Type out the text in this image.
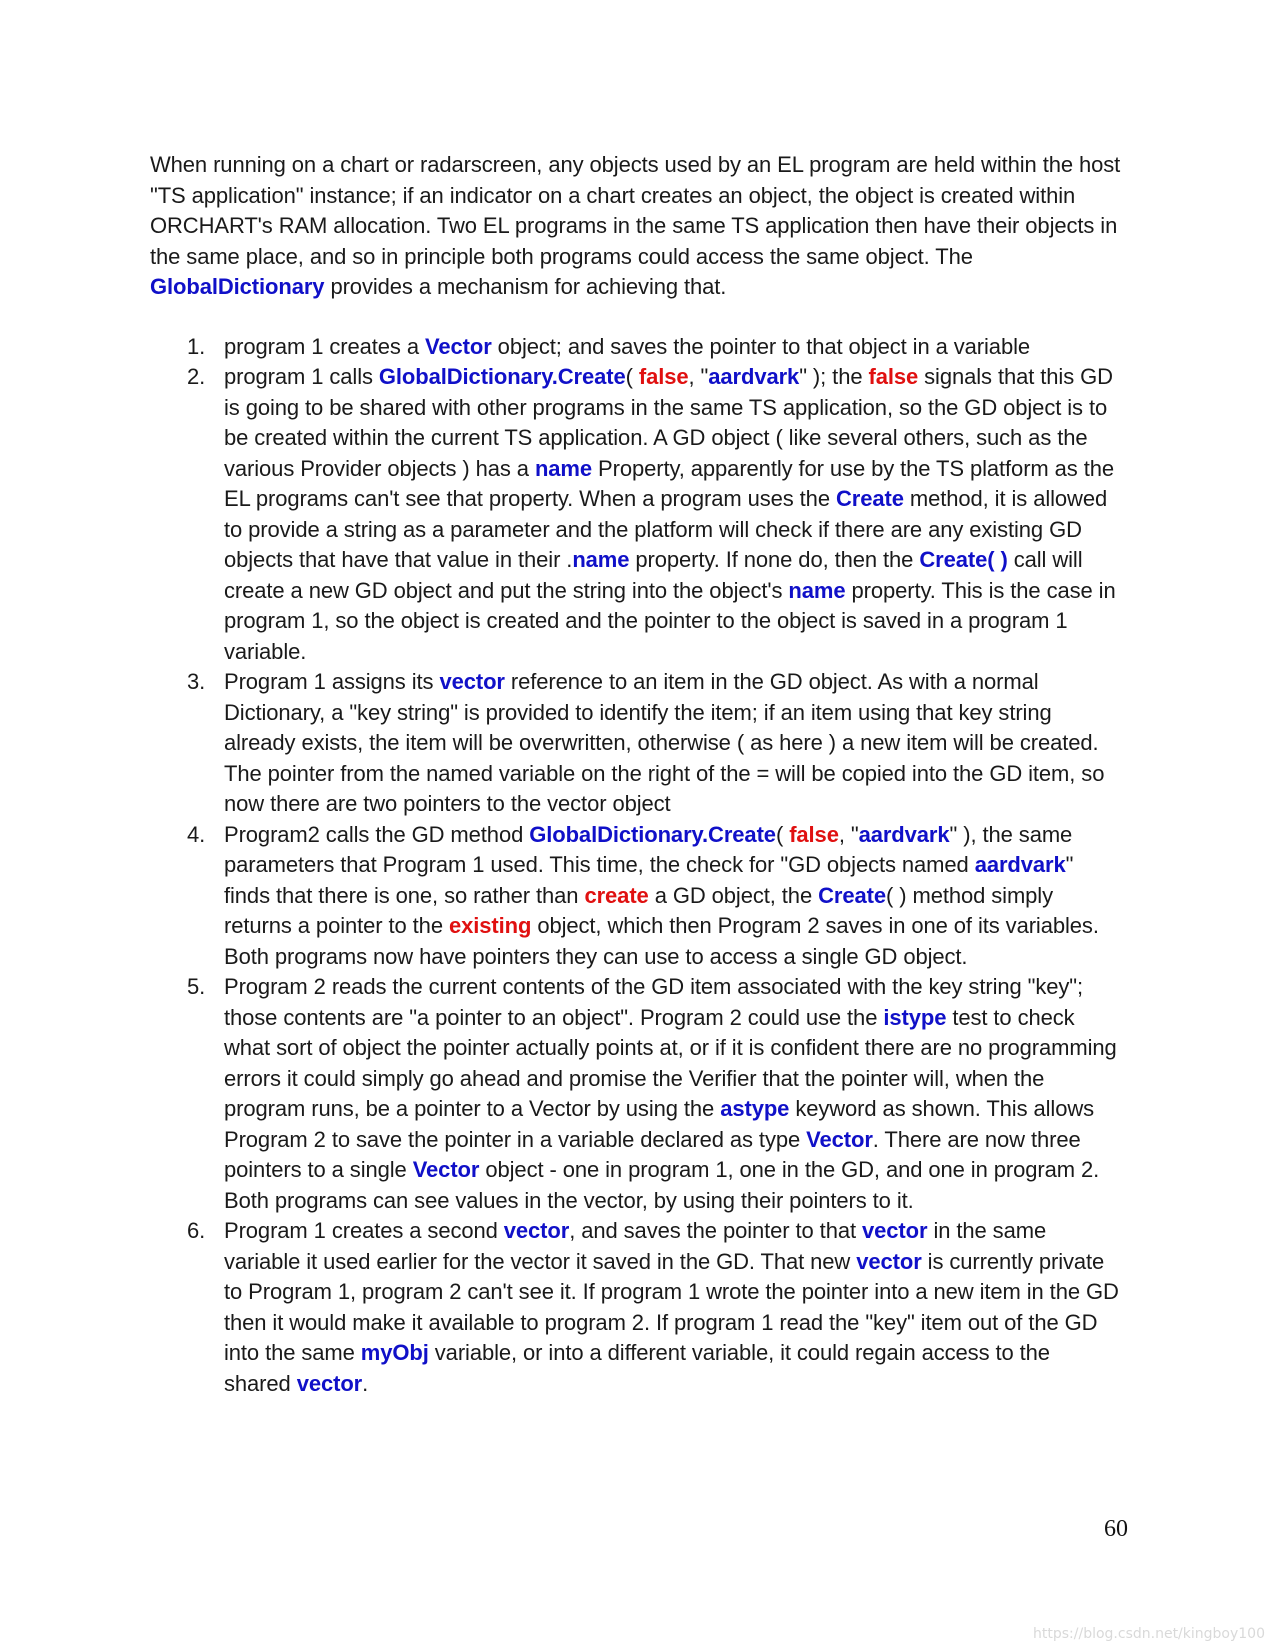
When running on a chart or radarscreen, any objects used by an EL program are held within the host "TS application" instance; if an indicator on a chart creates an object, the object is created within ORCHART's RAM allocation. Two EL programs in the same TS application then have their objects in the same place, and so in principle both programs could access the same object. The GlobalDictionary provides a mechanism for achieving that.

1. program 1 creates a Vector object; and saves the pointer to that object in a variable
2. program 1 calls GlobalDictionary.Create( false, "aardvark" ); the false signals that this GD is going to be shared with other programs in the same TS application, so the GD object is to be created within the current TS application. A GD object ( like several others, such as the various Provider objects ) has a name Property, apparently for use by the TS platform as the EL programs can't see that property. When a program uses the Create method, it is allowed to provide a string as a parameter and the platform will check if there are any existing GD objects that have that value in their .name property. If none do, then the Create( ) call will create a new GD object and put the string into the object's name property. This is the case in program 1, so the object is created and the pointer to the object is saved in a program 1 variable.
3. Program 1 assigns its vector reference to an item in the GD object. As with a normal Dictionary, a "key string" is provided to identify the item; if an item using that key string already exists, the item will be overwritten, otherwise ( as here ) a new item will be created. The pointer from the named variable on the right of the = will be copied into the GD item, so now there are two pointers to the vector object
4. Program2 calls the GD method GlobalDictionary.Create( false, "aardvark" ), the same parameters that Program 1 used. This time, the check for "GD objects named aardvark" finds that there is one, so rather than create a GD object, the Create( ) method simply returns a pointer to the existing object, which then Program 2 saves in one of its variables. Both programs now have pointers they can use to access a single GD object.
5. Program 2 reads the current contents of the GD item associated with the key string "key"; those contents are "a pointer to an object". Program 2 could use the istype test to check what sort of object the pointer actually points at, or if it is confident there are no programming errors it could simply go ahead and promise the Verifier that the pointer will, when the program runs, be a pointer to a Vector by using the astype keyword as shown. This allows Program 2 to save the pointer in a variable declared as type Vector. There are now three pointers to a single Vector object - one in program 1, one in the GD, and one in program 2. Both programs can see values in the vector, by using their pointers to it.
6. Program 1 creates a second vector, and saves the pointer to that vector in the same variable it used earlier for the vector it saved in the GD. That new vector is currently private to Program 1, program 2 can't see it. If program 1 wrote the pointer into a new item in the GD then it would make it available to program 2. If program 1 read the "key" item out of the GD into the same myObj variable, or into a different variable, it could regain access to the shared vector.
60
https://blog.csdn.net/kingboy100
